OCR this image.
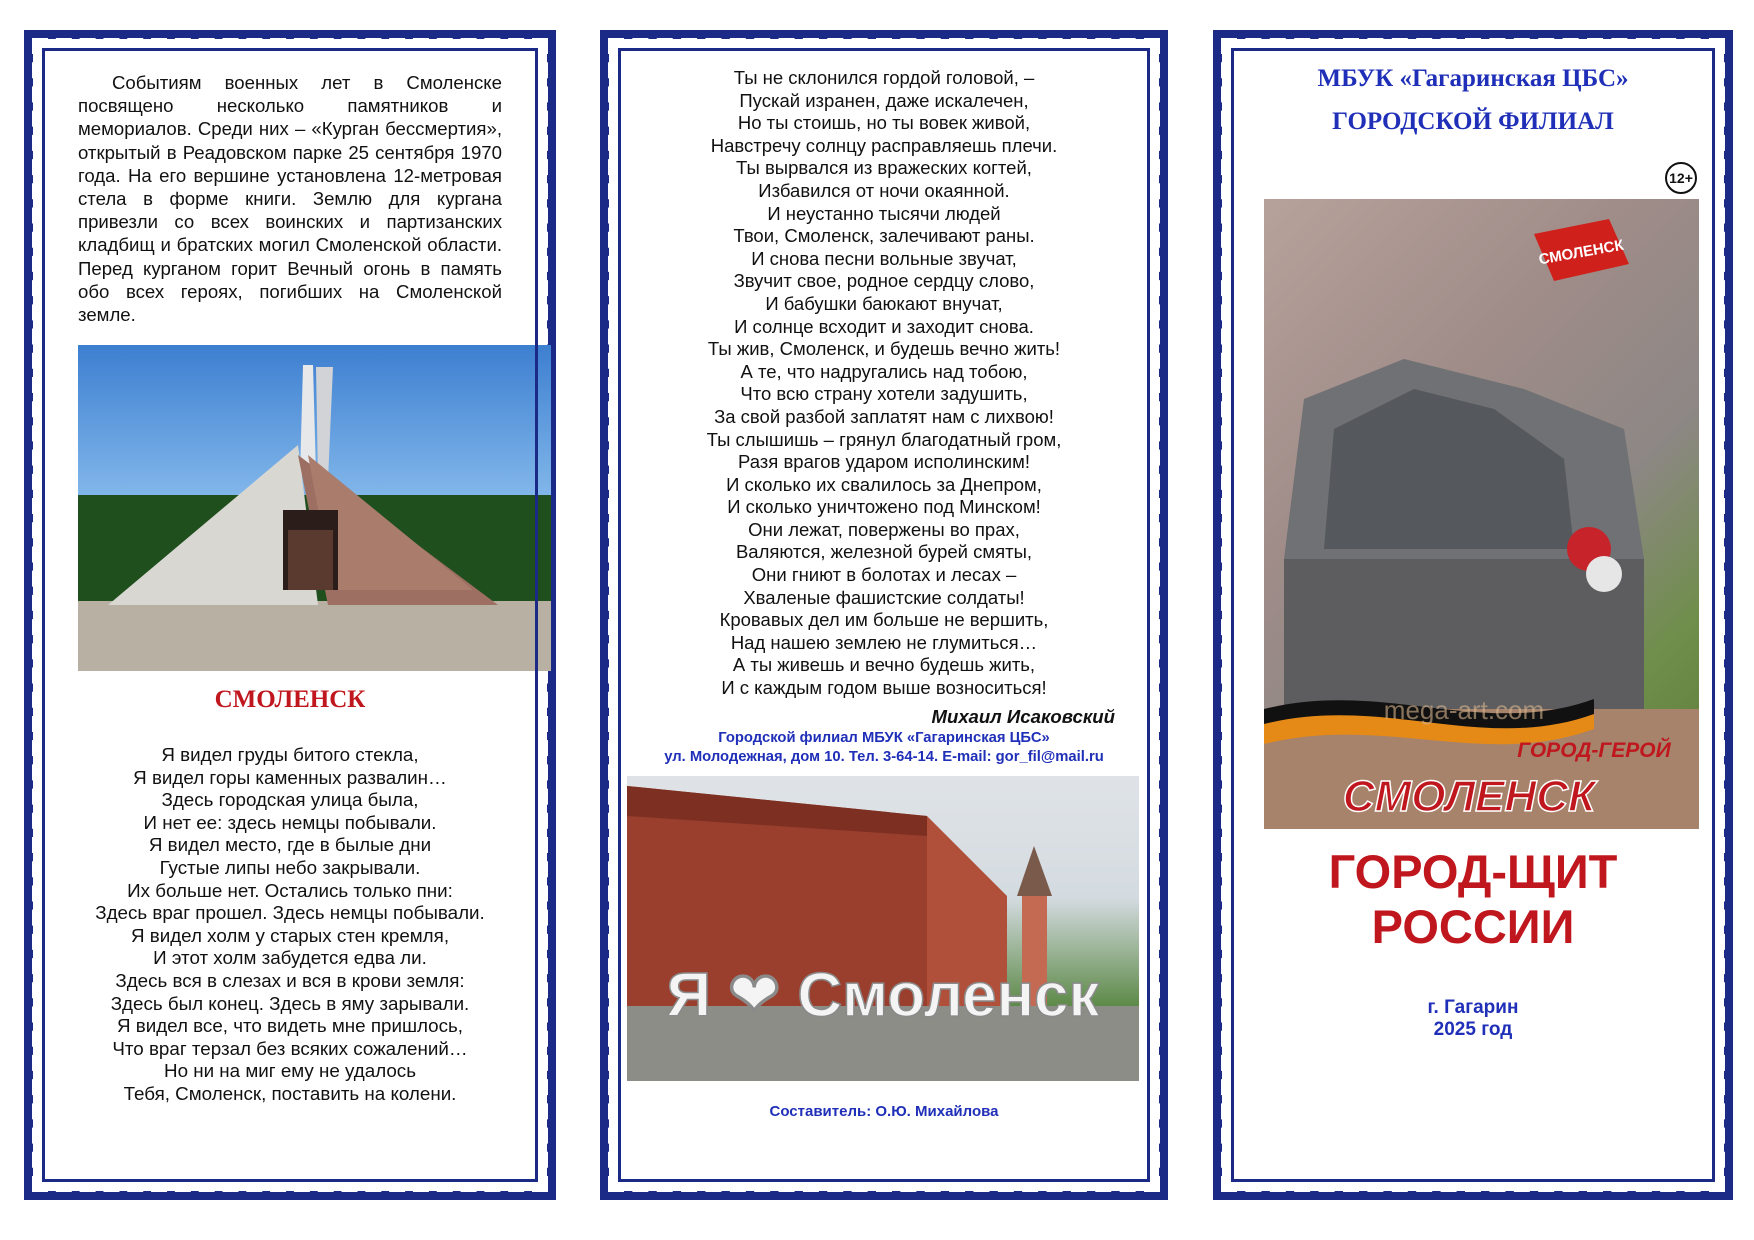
Событиям военных лет в Смоленске посвящено несколько памятников и мемориалов. Среди них – «Курган бессмертия», открытый в Реадовском парке 25 сентября 1970 года. На его вершине установлена 12-метровая стела в форме книги. Землю для кургана привезли со всех воинских и партизанских кладбищ и братских могил Смоленской области. Перед курганом горит Вечный огонь в память обо всех героях, погибших на Смоленской земле.
СМОЛЕНСК
Я видел груды битого стекла,
Я видел горы каменных развалин…
Здесь городская улица была,
И нет ее: здесь немцы побывали.
Я видел место, где в былые дни
Густые липы небо закрывали.
Их больше нет. Остались только пни:
Здесь враг прошел. Здесь немцы побывали.
Я видел холм у старых стен кремля,
И этот холм забудется едва ли.
Здесь вся в слезах и вся в крови земля:
Здесь был конец. Здесь в яму зарывали.
Я видел все, что видеть мне пришлось,
Что враг терзал без всяких сожалений…
Но ни на миг ему не удалось
Тебя, Смоленск, поставить на колени.
Ты не склонился гордой головой, –
Пускай изранен, даже искалечен,
Но ты стоишь, но ты вовек живой,
Навстречу солнцу расправляешь плечи.
Ты вырвался из вражеских когтей,
Избавился от ночи окаянной.
И неустанно тысячи людей
Твои, Смоленск, залечивают раны.
И снова песни вольные звучат,
Звучит свое, родное сердцу слово,
И бабушки баюкают внучат,
И солнце всходит и заходит снова.
Ты жив, Смоленск, и будешь вечно жить!
А те, что надругались над тобою,
Что всю страну хотели задушить,
За свой разбой заплатят нам с лихвою!
Ты слышишь – грянул благодатный гром,
Разя врагов ударом исполинским!
И сколько их свалилось за Днепром,
И сколько уничтожено под Минском!
Они лежат, повержены во прах,
Валяются, железной бурей смяты,
Они гниют в болотах и лесах –
Хваленые фашистские солдаты!
Кровавых дел им больше не вершить,
Над нашею землею не глумиться…
А ты живешь и вечно будешь жить,
И с каждым годом выше возноситься!
Михаил Исаковский
Городской филиал МБУК «Гагаринская ЦБС»
ул. Молодежная, дом 10. Тел. 3-64-14. E-mail: gor_fil@mail.ru
Я ❤ Смоленск
Составитель: О.Ю. Михайлова
МБУК «Гагаринская ЦБС»
ГОРОДСКОЙ ФИЛИАЛ
12+
СМОЛЕНСК
mega-art.com
ГОРОД-ГЕРОЙ
СМОЛЕНСК
ГОРОД-ЩИТ
РОССИИ
г. Гагарин
2025 год
